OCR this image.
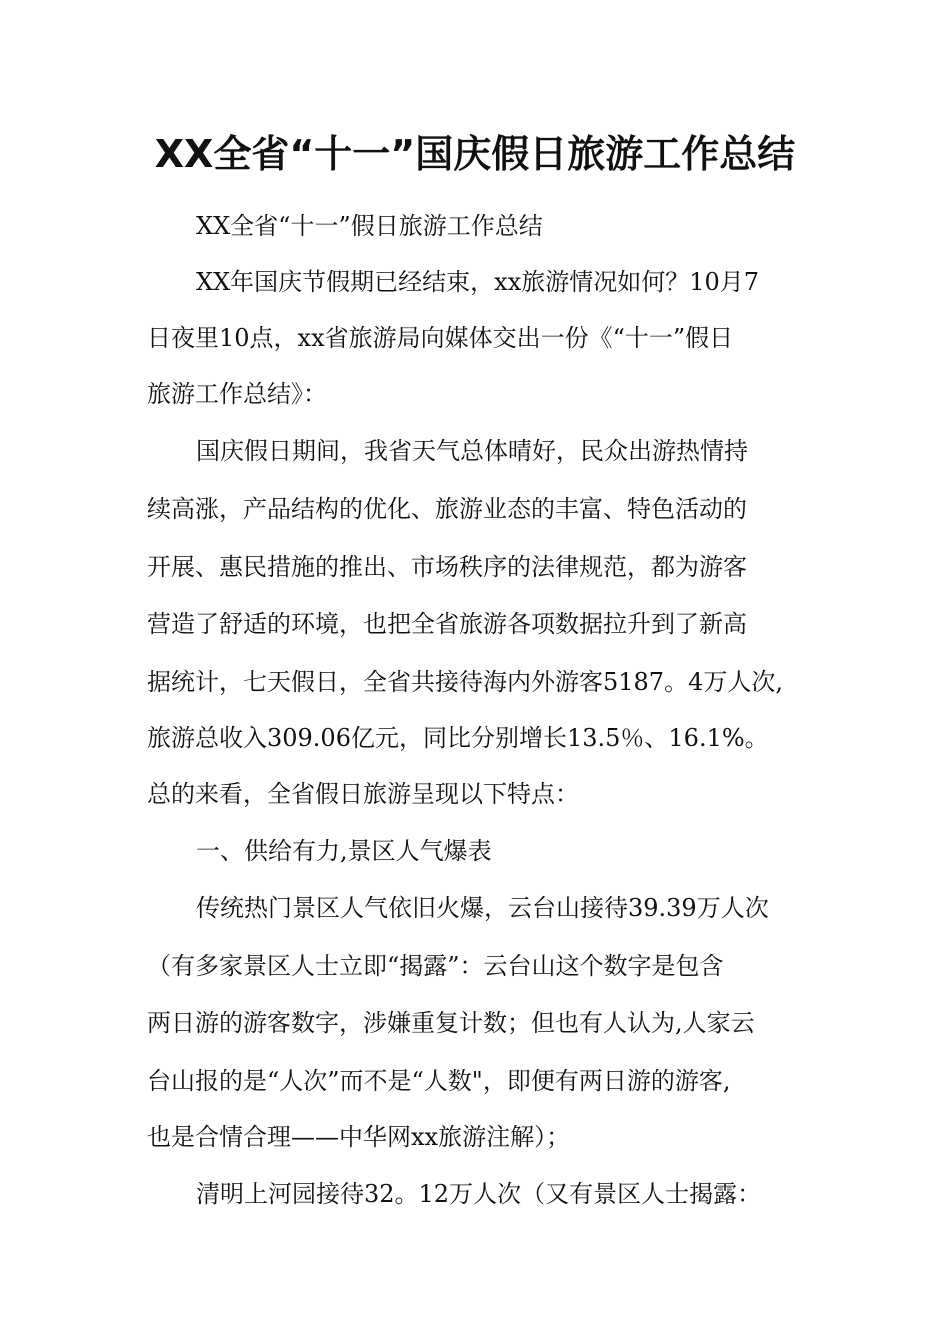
XX全省“十一”国庆假日旅游工作总结
XX全省“十一”假日旅游工作总结
XX年国庆节假期已经结束，xx旅游情况如何？10月7
日夜里10点，xx省旅游局向媒体交出一份《“十一”假日
旅游工作总结》：
国庆假日期间，我省天气总体晴好，民众出游热情持
续高涨，产品结构的优化、旅游业态的丰富、特色活动的
开展、惠民措施的推出、市场秩序的法律规范，都为游客
营造了舒适的环境，也把全省旅游各项数据拉升到了新高
据统计，七天假日，全省共接待海内外游客5187。4万人次,
旅游总收入309.06亿元，同比分别增长13.5％、16.1%。
总的来看，全省假日旅游呈现以下特点：
一、供给有力,景区人气爆表
传统热门景区人气依旧火爆，云台山接待39.39万人次
（有多家景区人士立即“揭露”：云台山这个数字是包含
两日游的游客数字，涉嫌重复计数；但也有人认为,人家云
台山报的是“人次”而不是“人数"，即便有两日游的游客,
也是合情合理——中华网xx旅游注解）；
清明上河园接待32。12万人次（又有景区人士揭露：
